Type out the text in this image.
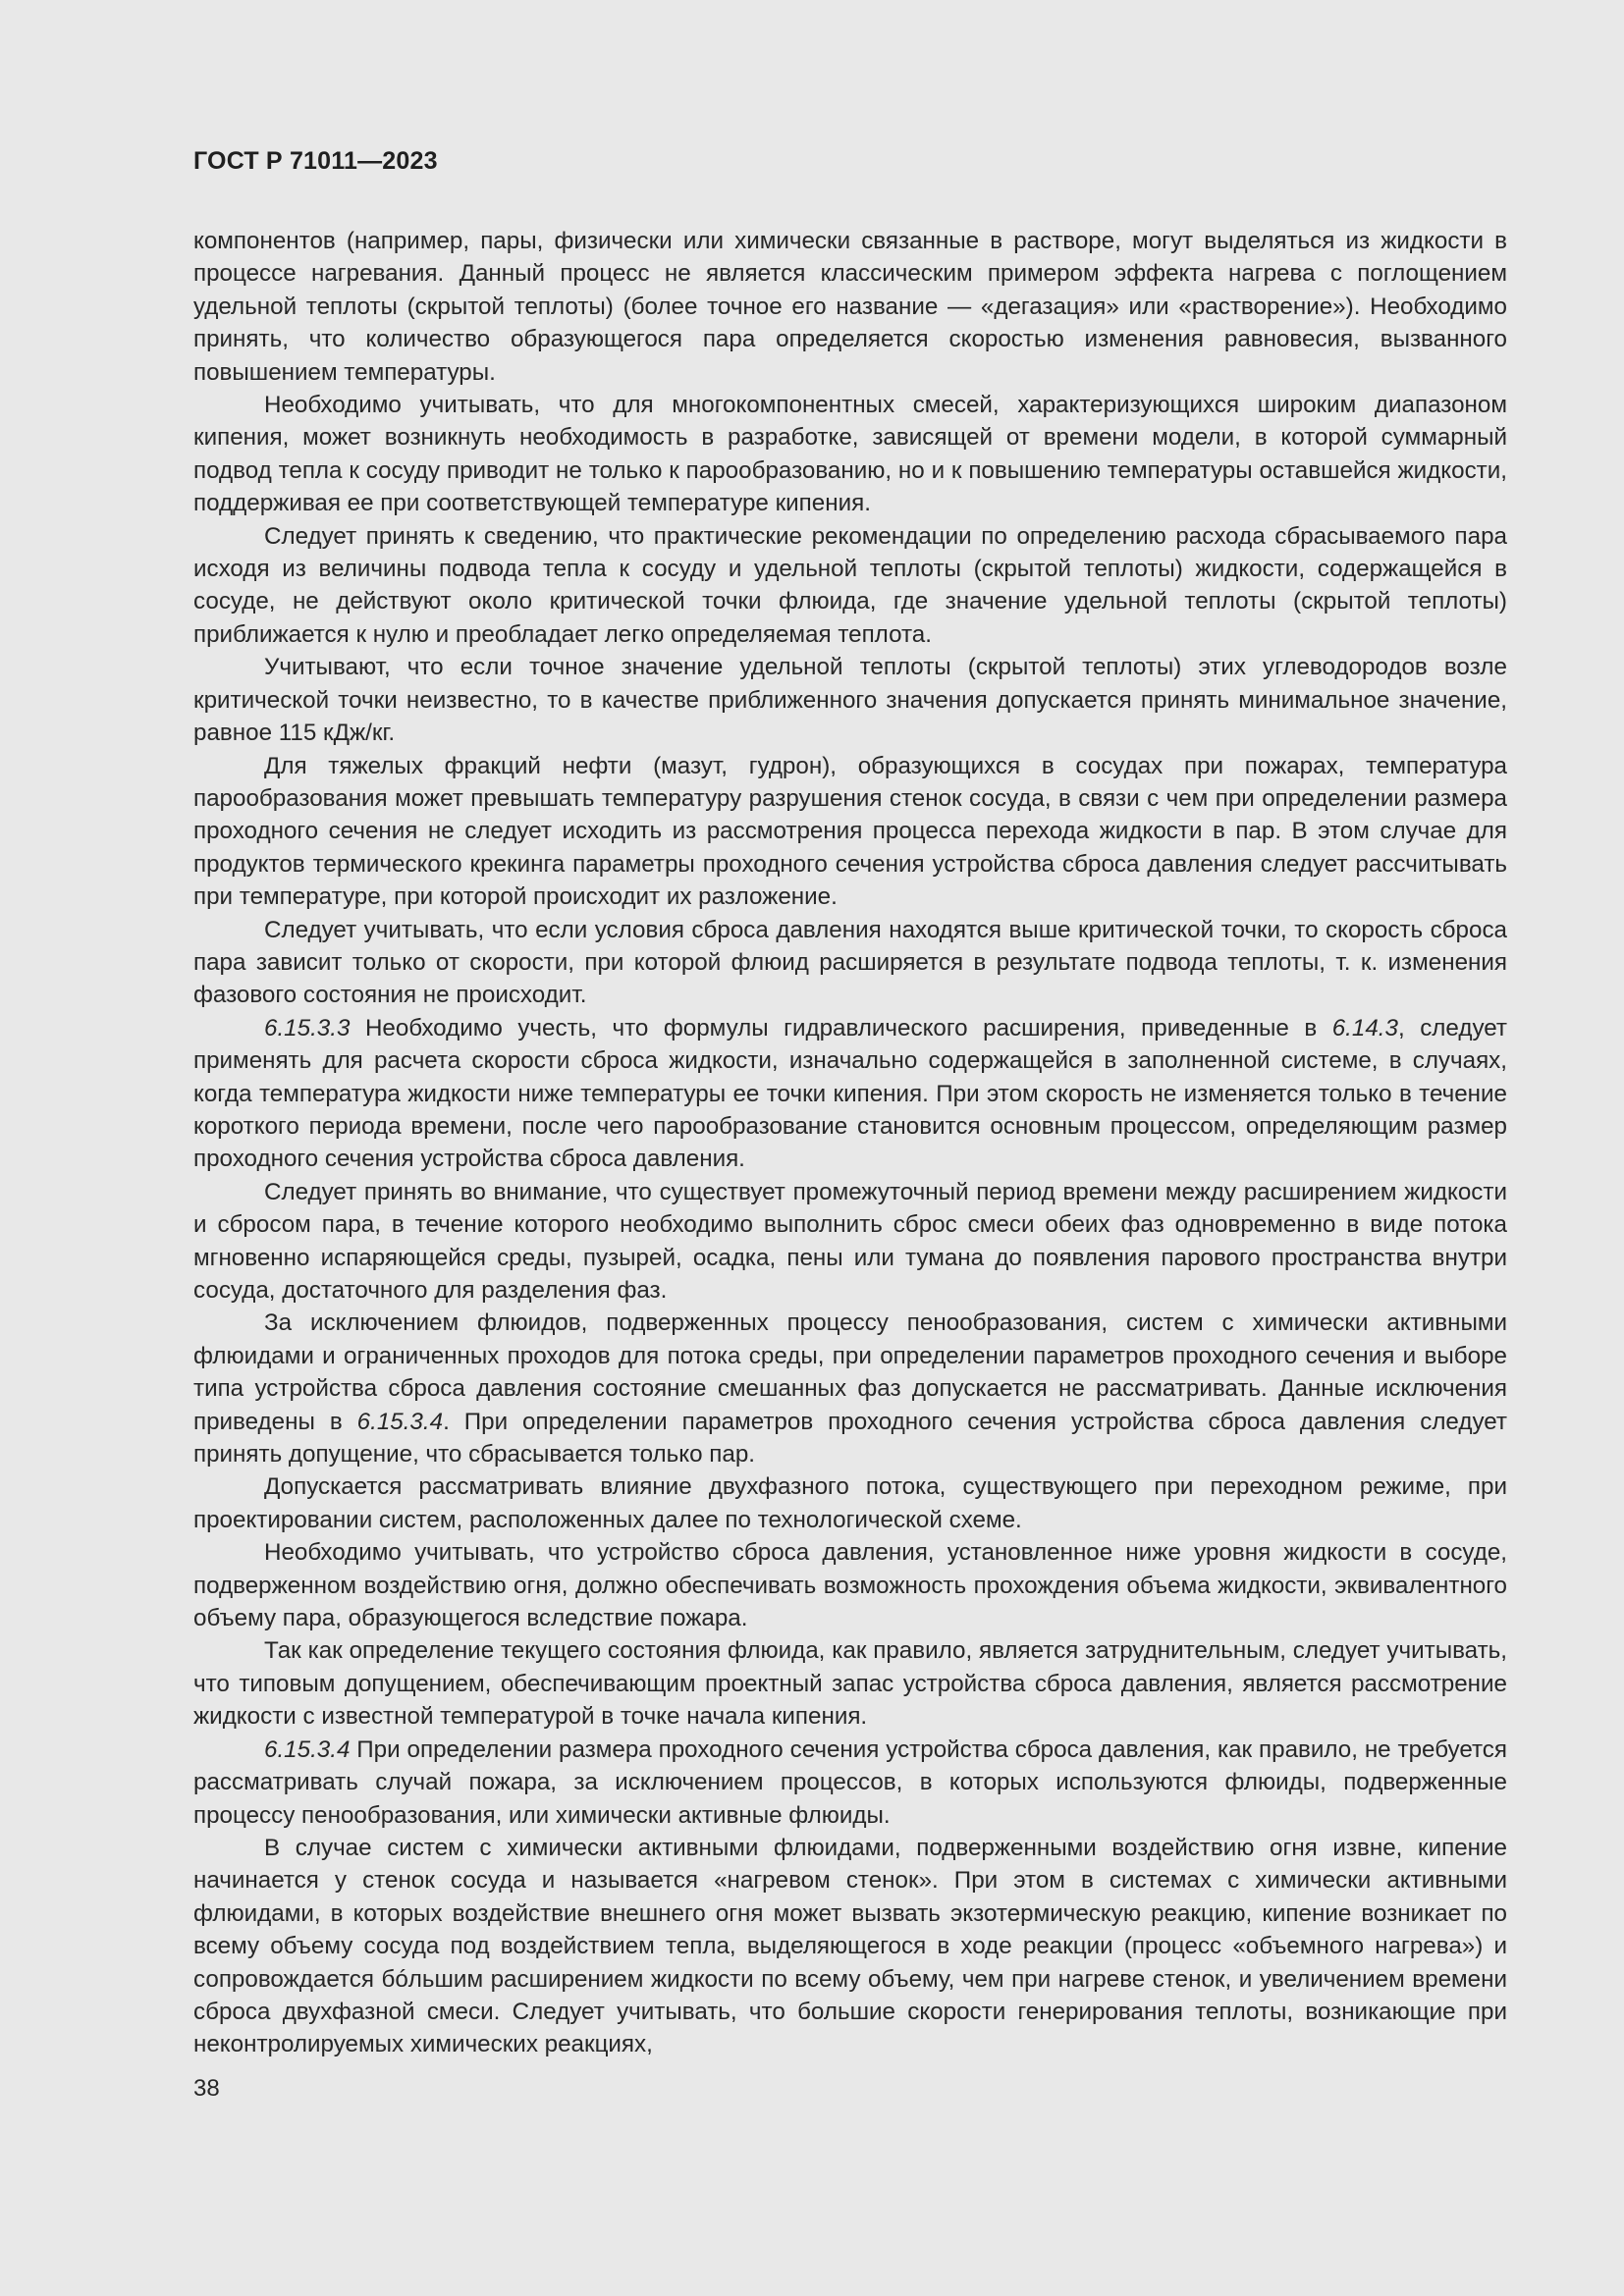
ГОСТ Р 71011—2023

компонентов (например, пары, физически или химически связанные в растворе, могут выделяться из жидкости в процессе нагревания. Данный процесс не является классическим примером эффекта нагрева с поглощением удельной теплоты (скрытой теплоты) (более точное его название — «дегазация» или «растворение»). Необходимо принять, что количество образующегося пара определяется скоростью изменения равновесия, вызванного повышением температуры.

Необходимо учитывать, что для многокомпонентных смесей, характеризующихся широким диапазоном кипения, может возникнуть необходимость в разработке, зависящей от времени модели, в которой суммарный подвод тепла к сосуду приводит не только к парообразованию, но и к повышению температуры оставшейся жидкости, поддерживая ее при соответствующей температуре кипения.

Следует принять к сведению, что практические рекомендации по определению расхода сбрасываемого пара исходя из величины подвода тепла к сосуду и удельной теплоты (скрытой теплоты) жидкости, содержащейся в сосуде, не действуют около критической точки флюида, где значение удельной теплоты (скрытой теплоты) приближается к нулю и преобладает легко определяемая теплота.

Учитывают, что если точное значение удельной теплоты (скрытой теплоты) этих углеводородов возле критической точки неизвестно, то в качестве приближенного значения допускается принять минимальное значение, равное 115 кДж/кг.

Для тяжелых фракций нефти (мазут, гудрон), образующихся в сосудах при пожарах, температура парообразования может превышать температуру разрушения стенок сосуда, в связи с чем при определении размера проходного сечения не следует исходить из рассмотрения процесса перехода жидкости в пар. В этом случае для продуктов термического крекинга параметры проходного сечения устройства сброса давления следует рассчитывать при температуре, при которой происходит их разложение.

Следует учитывать, что если условия сброса давления находятся выше критической точки, то скорость сброса пара зависит только от скорости, при которой флюид расширяется в результате подвода теплоты, т. к. изменения фазового состояния не происходит.

6.15.3.3 Необходимо учесть, что формулы гидравлического расширения, приведенные в 6.14.3, следует применять для расчета скорости сброса жидкости, изначально содержащейся в заполненной системе, в случаях, когда температура жидкости ниже температуры ее точки кипения. При этом скорость не изменяется только в течение короткого периода времени, после чего парообразование становится основным процессом, определяющим размер проходного сечения устройства сброса давления.

Следует принять во внимание, что существует промежуточный период времени между расширением жидкости и сбросом пара, в течение которого необходимо выполнить сброс смеси обеих фаз одновременно в виде потока мгновенно испаряющейся среды, пузырей, осадка, пены или тумана до появления парового пространства внутри сосуда, достаточного для разделения фаз.

За исключением флюидов, подверженных процессу пенообразования, систем с химически активными флюидами и ограниченных проходов для потока среды, при определении параметров проходного сечения и выборе типа устройства сброса давления состояние смешанных фаз допускается не рассматривать. Данные исключения приведены в 6.15.3.4. При определении параметров проходного сечения устройства сброса давления следует принять допущение, что сбрасывается только пар.

Допускается рассматривать влияние двухфазного потока, существующего при переходном режиме, при проектировании систем, расположенных далее по технологической схеме.

Необходимо учитывать, что устройство сброса давления, установленное ниже уровня жидкости в сосуде, подверженном воздействию огня, должно обеспечивать возможность прохождения объема жидкости, эквивалентного объему пара, образующегося вследствие пожара.

Так как определение текущего состояния флюида, как правило, является затруднительным, следует учитывать, что типовым допущением, обеспечивающим проектный запас устройства сброса давления, является рассмотрение жидкости с известной температурой в точке начала кипения.

6.15.3.4 При определении размера проходного сечения устройства сброса давления, как правило, не требуется рассматривать случай пожара, за исключением процессов, в которых используются флюиды, подверженные процессу пенообразования, или химически активные флюиды.

В случае систем с химически активными флюидами, подверженными воздействию огня извне, кипение начинается у стенок сосуда и называется «нагревом стенок». При этом в системах с химически активными флюидами, в которых воздействие внешнего огня может вызвать экзотермическую реакцию, кипение возникает по всему объему сосуда под воздействием тепла, выделяющегося в ходе реакции (процесс «объемного нагрева») и сопровождается бóльшим расширением жидкости по всему объему, чем при нагреве стенок, и увеличением времени сброса двухфазной смеси. Следует учитывать, что большие скорости генерирования теплоты, возникающие при неконтролируемых химических реакциях,

38
